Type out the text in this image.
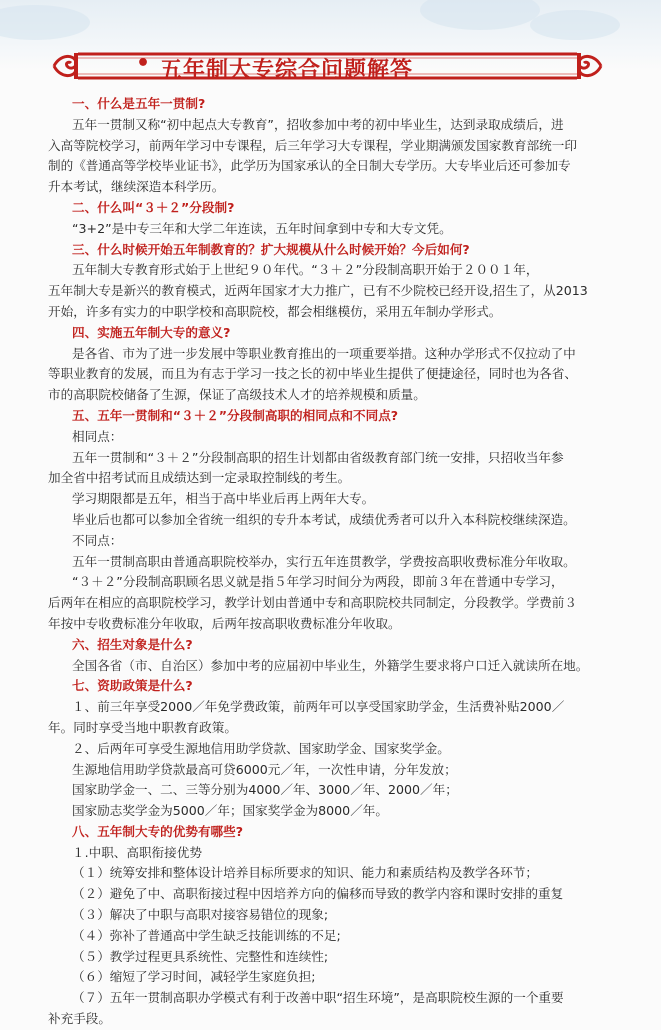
• 五年制大专综合问题解答

一、什么是五年一贯制?

五年一贯制又称“初中起点大专教育”，招收参加中考的初中毕业生，达到录取成绩后，进

入高等院校学习，前两年学习中专课程，后三年学习大专课程，学业期满颁发国家教育部统一印

制的《普通高等学校毕业证书》，此学历为国家承认的全日制大专学历。大专毕业后还可参加专

升本考试，继续深造本科学历。

二、什么叫“３＋２”分段制?

“3+2”是中专三年和大学二年连读，五年时间拿到中专和大专文凭。

三、什么时候开始五年制教育的？扩大规模从什么时候开始？今后如何?

五年制大专教育形式始于上世纪９０年代。“３＋２”分段制高职开始于２００１年，

五年制大专是新兴的教育模式，近两年国家才大力推广，已有不少院校已经开设,招生了，从2013

开始，许多有实力的中职学校和高职院校，都会相继模仿，采用五年制办学形式。

四、实施五年制大专的意义?

是各省、市为了进一步发展中等职业教育推出的一项重要举措。这种办学形式不仅拉动了中

等职业教育的发展，而且为有志于学习一技之长的初中毕业生提供了便捷途径，同时也为各省、

市的高职院校储备了生源，保证了高级技术人才的培养规模和质量。

五、五年一贯制和“３＋２”分段制高职的相同点和不同点?

相同点：

五年一贯制和“３＋２”分段制高职的招生计划都由省级教育部门统一安排，只招收当年参

加全省中招考试而且成绩达到一定录取控制线的考生。

学习期限都是五年，相当于高中毕业后再上两年大专。

毕业后也都可以参加全省统一组织的专升本考试，成绩优秀者可以升入本科院校继续深造。

不同点：

五年一贯制高职由普通高职院校举办，实行五年连贯教学，学费按高职收费标准分年收取。

“３＋２”分段制高职顾名思义就是指５年学习时间分为两段，即前３年在普通中专学习，

后两年在相应的高职院校学习，教学计划由普通中专和高职院校共同制定，分段教学。学费前３

年按中专收费标准分年收取，后两年按高职收费标准分年收取。

六、招生对象是什么?

全国各省（市、自治区）参加中考的应届初中毕业生，外籍学生要求将户口迁入就读所在地。

七、资助政策是什么?

１、前三年享受2000／年免学费政策，前两年可以享受国家助学金，生活费补贴2000／

年。同时享受当地中职教育政策。

２、后两年可享受生源地信用助学贷款、国家助学金、国家奖学金。

生源地信用助学贷款最高可贷6000元／年，一次性申请，分年发放；

国家助学金一、二、三等分别为4000／年、3000／年、2000／年；

国家励志奖学金为5000／年；国家奖学金为8000／年。

八、五年制大专的优势有哪些?

１.中职、高职衔接优势

（１）统筹安排和整体设计培养目标所要求的知识、能力和素质结构及教学各环节；

（２）避免了中、高职衔接过程中因培养方向的偏移而导致的教学内容和课时安排的重复

（３）解决了中职与高职对接容易错位的现象;

（４）弥补了普通高中学生缺乏技能训练的不足;

（５）教学过程更具系统性、完整性和连续性;

（６）缩短了学习时间，减轻学生家庭负担;

（７）五年一贯制高职办学模式有利于改善中职“招生环境”，是高职院校生源的一个重要

补充手段。
